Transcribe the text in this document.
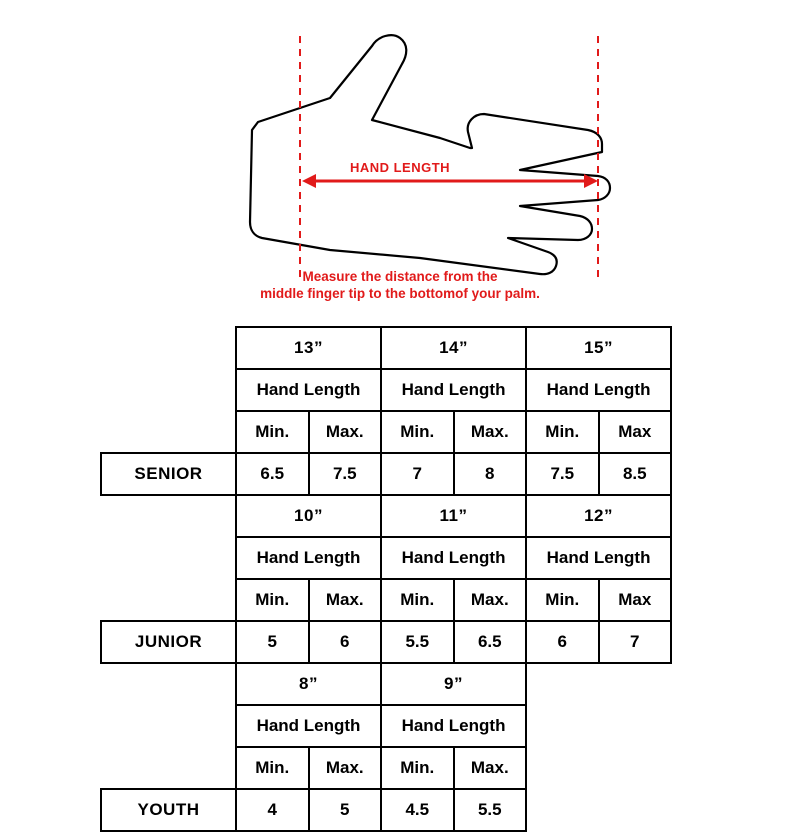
HAND LENGTH
Measure the distance from the
middle finger tip to the bottomof your palm.
	13”		14”		15”	
	Hand Length		Hand Length		Hand Length	
	Min.	Max.	Min.	Max.	Min.	Max
SENIOR	6.5	7.5	7	8	7.5	8.5
	10”		11”		12”	
	Hand Length		Hand Length		Hand Length	
	Min.	Max.	Min.	Max.	Min.	Max
JUNIOR	5	6	5.5	6.5	6	7
	8”		9”			
	Hand Length		Hand Length			
	Min.	Max.	Min.	Max.		
YOUTH	4	5	4.5	5.5		
